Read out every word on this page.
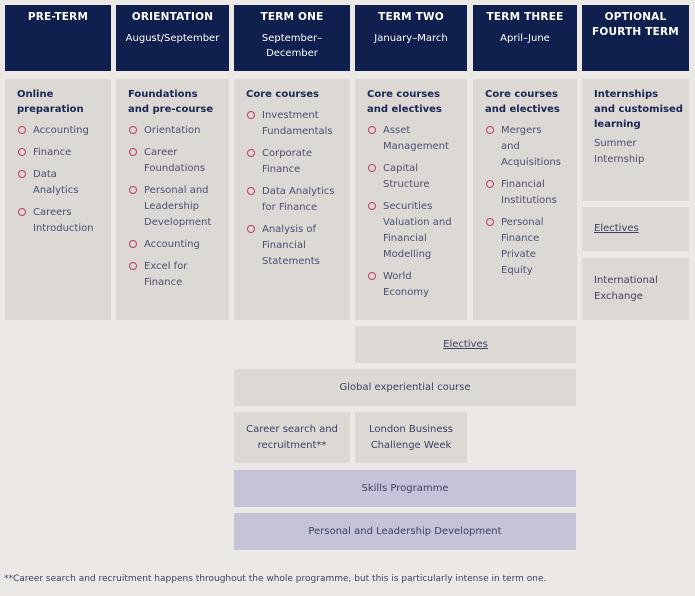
PRE-TERM	ORIENTATION
August/September
TERM ONE
September–
December
TERM TWO
January–March
TERM THREE
April–June
OPTIONAL
FOURTH TERM
Online
preparation
Accounting
Finance
Data
Analytics
Careers
Introduction
Foundations
and pre-course
Orientation
Career
Foundations
Personal and
Leadership
Development
Accounting
Excel for
Finance
Core courses
Investment
Fundamentals
Corporate
Finance
Data Analytics
for Finance
Analysis of
Financial
Statements
Core courses
and electives
Asset
Management
Capital
Structure
Securities
Valuation and
Financial
Modelling
World
Economy
Core courses
and electives
Mergers
and
Acquisitions
Financial
Institutions
Personal
Finance
Private
Equity
Internships
and customised
learning
Summer
Internship
Electives
International
Exchange
Electives
Global experiential course
Career search and
recruitment**
London Business
Challenge Week
Skills Programme
Personal and Leadership Development
**Career search and recruitment happens throughout the whole programme, but this is particularly intense in term one.
